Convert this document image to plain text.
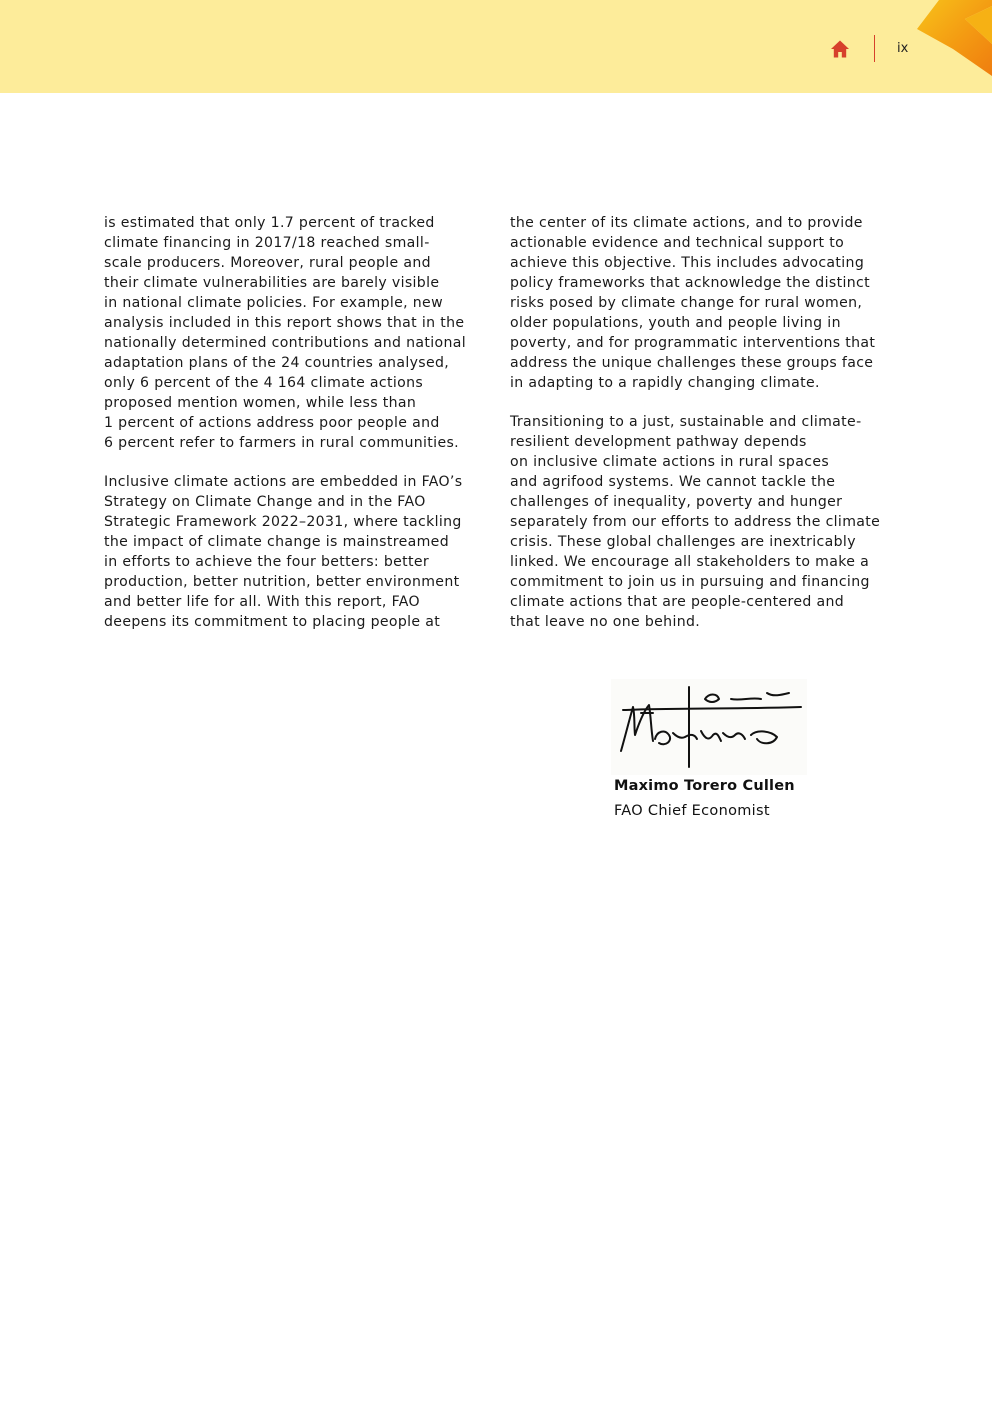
ix

is estimated that only 1.7 percent of tracked
climate financing in 2017/18 reached small-
scale producers. Moreover, rural people and
their climate vulnerabilities are barely visible
in national climate policies. For example, new
analysis included in this report shows that in the
nationally determined contributions and national
adaptation plans of the 24 countries analysed,
only 6 percent of the 4 164 climate actions
proposed mention women, while less than
1 percent of actions address poor people and
6 percent refer to farmers in rural communities.

Inclusive climate actions are embedded in FAO’s
Strategy on Climate Change and in the FAO
Strategic Framework 2022–2031, where tackling
the impact of climate change is mainstreamed
in efforts to achieve the four betters: better
production, better nutrition, better environment
and better life for all. With this report, FAO
deepens its commitment to placing people at

the center of its climate actions, and to provide
actionable evidence and technical support to
achieve this objective. This includes advocating
policy frameworks that acknowledge the distinct
risks posed by climate change for rural women,
older populations, youth and people living in
poverty, and for programmatic interventions that
address the unique challenges these groups face
in adapting to a rapidly changing climate.

Transitioning to a just, sustainable and climate-
resilient development pathway depends
on inclusive climate actions in rural spaces
and agrifood systems. We cannot tackle the
challenges of inequality, poverty and hunger
separately from our efforts to address the climate
crisis. These global challenges are inextricably
linked. We encourage all stakeholders to make a
commitment to join us in pursuing and financing
climate actions that are people-centered and
that leave no one behind.

Maximo Torero Cullen
FAO Chief Economist
